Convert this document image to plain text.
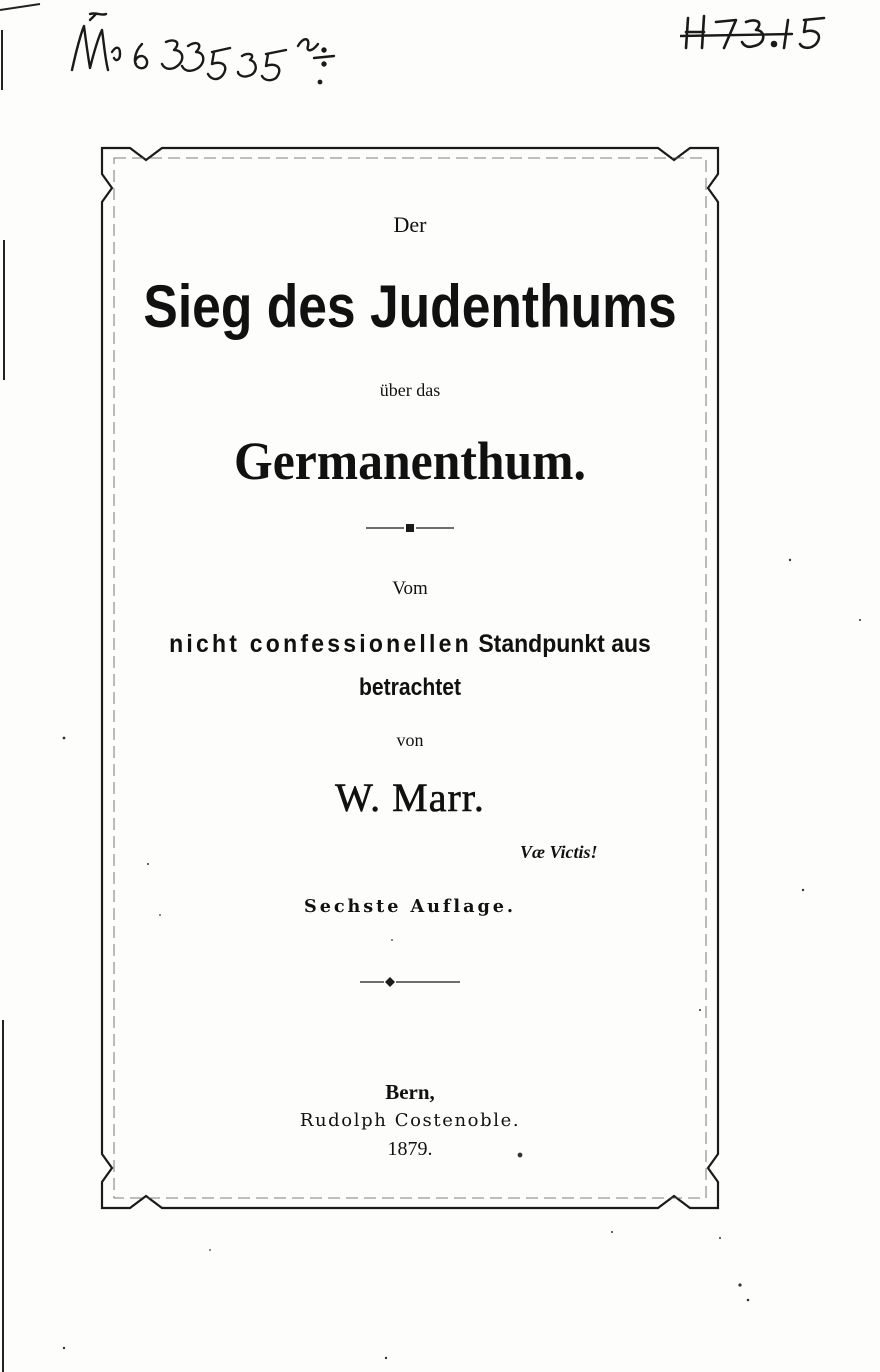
Der
Sieg des Judenthums
über das
Germanenthum.
Vom
nicht confessionellen Standpunkt aus
betrachtet
von
W. Marr.
Væ Victis!
Sechste Auflage.
Bern,
Rudolph Costenoble.
1879.
